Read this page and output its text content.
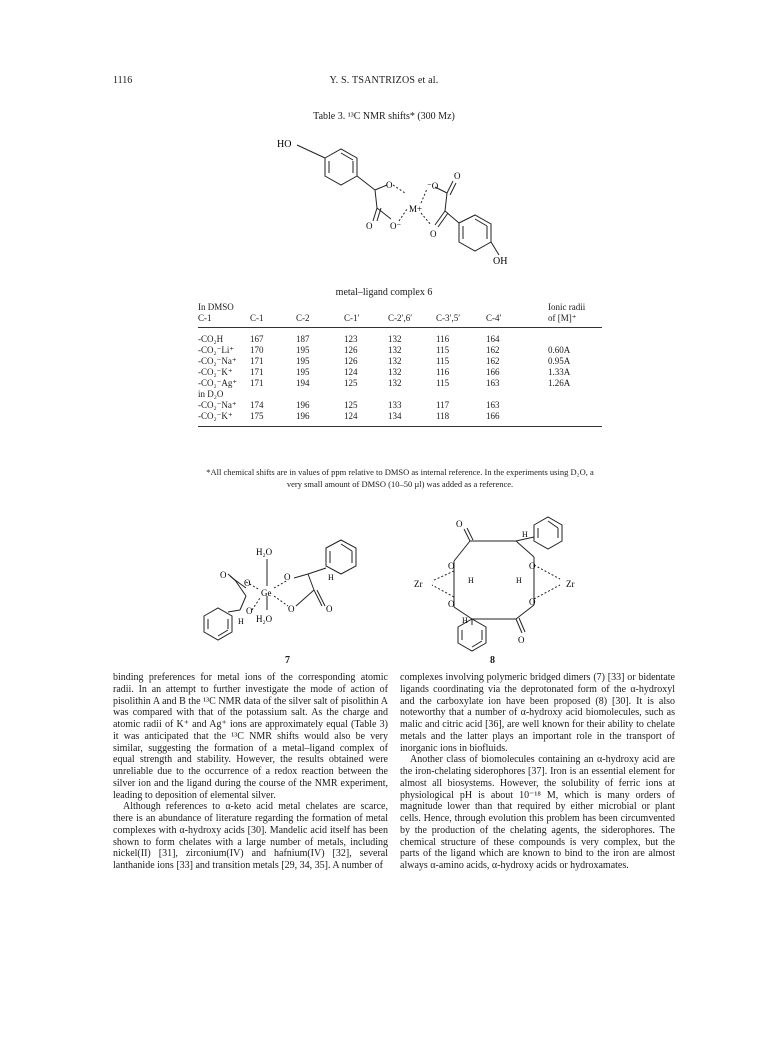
1116	Y. S. TSANTRIZOS et al.
Table 3. ¹³C NMR shifts* (300 Mz)
HO
O
O O⁻
M+
⁻O
O
O
OH
metal–ligand complex 6
In DMSO	Ionic radii
C-1	C-1	C-2	C-1′	C-2′,6′	C-3′,5′	C-4′	of [M]⁺
-CO₂H	167	187	123	132	116	164
-CO₂⁻Li⁺ 170	195	126	132	115	162	0.60A
-CO₂⁻Na⁺ 171	195	126	132	115	162	0.95A
-CO₂⁻K⁺ 171	195	124	132	116	166	1.33A
-CO₂⁻Ag⁺ 171	194	125	132	115	163	1.26A
in D₂O
-CO₂⁻Na⁺ 174	196	125	133	117	163
-CO₂⁻K⁺ 175	196	124	134	118	166
*All chemical shifts are in values of ppm relative to DMSO as internal reference. In the experiments using D₂O, a very small amount of DMSO (10–50 µl) was added as a reference.
H₂O
H₂O
Ge
O
O
O
O
O	O
H
H
7
O
O
O
O
O
O
Zr	Zr
H	H
H
H
8

binding preferences for metal ions of the corresponding atomic radii. In an attempt to further investigate the mode of action of pisolithin A and B the ¹³C NMR data of the silver salt of pisolithin A was compared with that of the potassium salt. As the charge and atomic radii of K⁺ and Ag⁺ ions are approximately equal (Table 3) it was anticipated that the ¹³C NMR shifts would also be very similar, suggesting the formation of a metal–ligand complex of equal strength and stability. However, the results obtained were unreliable due to the occurrence of a redox reaction between the silver ion and the ligand during the course of the NMR experiment, leading to deposition of elemental silver.

Although references to α-keto acid metal chelates are scarce, there is an abundance of literature regarding the formation of metal complexes with α-hydroxy acids [30]. Mandelic acid itself has been shown to form chelates with a large number of metals, including nickel(II) [31], zirconium(IV) and hafnium(IV) [32], several lanthanide ions [33] and transition metals [29, 34, 35]. A number of

complexes involving polymeric bridged dimers (7) [33] or bidentate ligands coordinating via the deprotonated form of the α-hydroxyl and the carboxylate ion have been proposed (8) [30]. It is also noteworthy that a number of α-hydroxy acid biomolecules, such as malic and citric acid [36], are well known for their ability to chelate metals and the latter plays an important role in the transport of inorganic ions in biofluids.

Another class of biomolecules containing an α-hydroxy acid are the iron-chelating siderophores [37]. Iron is an essential element for almost all biosystems. However, the solubility of ferric ions at physiological pH is about 10⁻¹⁸ M, which is many orders of magnitude lower than that required by either microbial or plant cells. Hence, through evolution this problem has been circumvented by the production of the chelating agents, the siderophores. The chemical structure of these compounds is very complex, but the parts of the ligand which are known to bind to the iron are almost always α-amino acids, α-hydroxy acids or hydroxamates.
